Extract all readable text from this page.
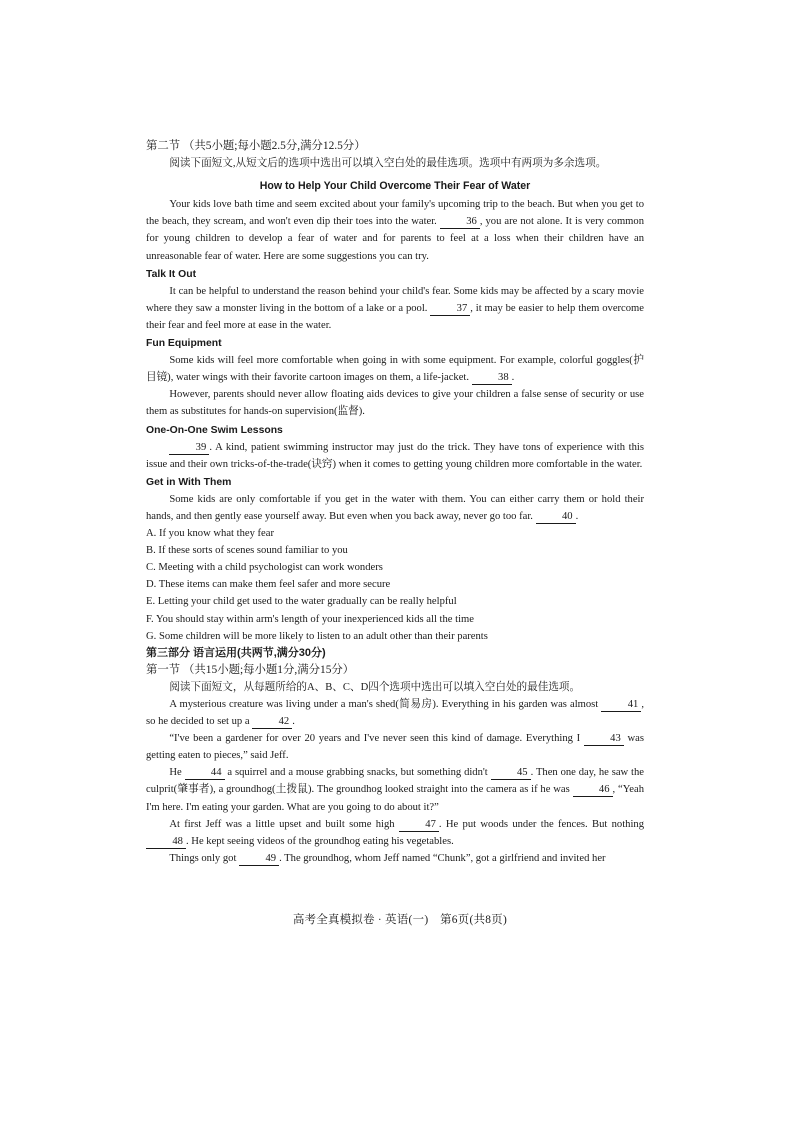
第二节 （共5小题;每小题2.5分,满分12.5分）

阅读下面短文,从短文后的选项中选出可以填入空白处的最佳选项。选项中有两项为多余选项。

How to Help Your Child Overcome Their Fear of Water

Your kids love bath time and seem excited about your family's upcoming trip to the beach. But when you get to the beach, they scream, and won't even dip their toes into the water.	36 , you are not alone. It is very common for young children to develop a fear of water and for parents to feel at a loss when their children have an unreasonable fear of water. Here are some suggestions you can try.

Talk It Out

It can be helpful to understand the reason behind your child's fear. Some kids may be affected by a scary movie where they saw a monster living in the bottom of a lake or a pool.	37 , it may be easier to help them overcome their fear and feel more at ease in the water.

Fun Equipment

Some kids will feel more comfortable when going in with some equipment. For example, colorful goggles(护目镜), water wings with their favorite cartoon images on them, a life-jacket.	38 .

However, parents should never allow floating aids devices to give your children a false sense of security or use them as substitutes for hands-on supervision(监督).

One-On-One Swim Lessons

39 . A kind, patient swimming instructor may just do the trick. They have tons of experience with this issue and their own tricks-of-the-trade(诀窍) when it comes to getting young children more comfortable in the water.

Get in With Them

Some kids are only comfortable if you get in the water with them. You can either carry them or hold their hands, and then gently ease yourself away. But even when you back away, never go too far.	40 .

A. If you know what they fear
B. If these sorts of scenes sound familiar to you
C. Meeting with a child psychologist can work wonders
D. These items can make them feel safer and more secure
E. Letting your child get used to the water gradually can be really helpful
F. You should stay within arm's length of your inexperienced kids all the time
G. Some children will be more likely to listen to an adult other than their parents
第三部分 语言运用(共两节,满分30分)
第一节 （共15小题;每小题1分,满分15分）

阅读下面短文，从每题所给的A、B、C、D四个选项中选出可以填入空白处的最佳选项。

A mysterious creature was living under a man's shed(简易房). Everything in his garden was almost	41 , so he decided to set up a	42 .

“I've been a gardener for over 20 years and I've never seen this kind of damage. Everything I	43 was getting eaten to pieces,” said Jeff.

He	44 a squirrel and a mouse grabbing snacks, but something didn't	45 . Then one day, he saw the culprit(肇事者), a groundhog(土拨鼠). The groundhog looked straight into the camera as if he was	46 , “Yeah I'm here. I'm eating your garden. What are you going to do about it?”

At first Jeff was a little upset and built some high	47 . He put woods under the fences. But nothing 48 . He kept seeing videos of the groundhog eating his vegetables.

Things only got	49 . The groundhog, whom Jeff named “Chunk”, got a girlfriend and invited her

高考全真模拟卷 · 英语(一)　第6页(共8页)
